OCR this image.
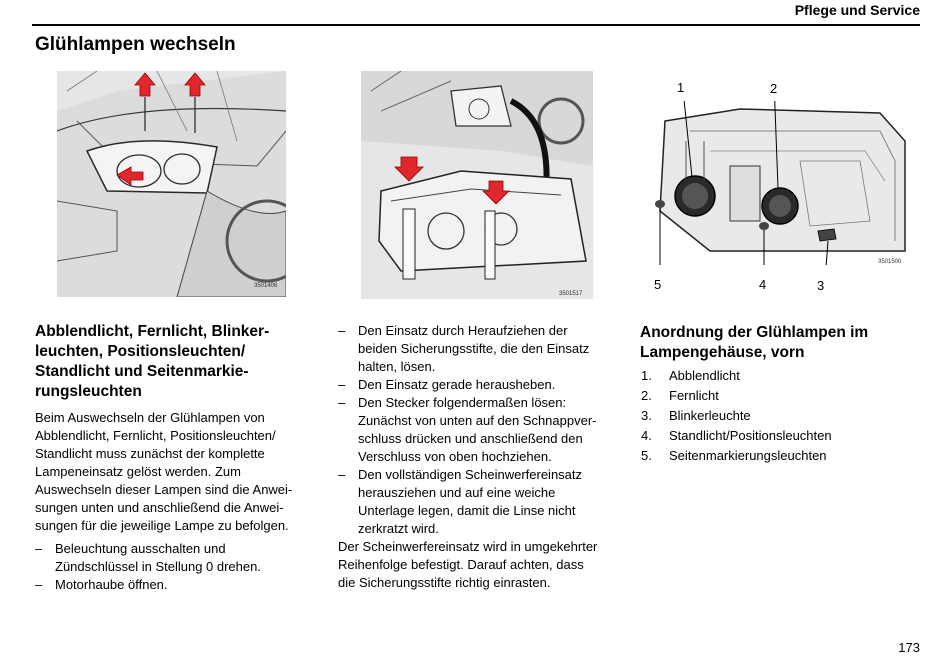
Pflege und Service
Glühlampen wechseln
3501406
3501517
1	2
3501500
5	4	3
Abblendlicht, Fernlicht, Blinker-
leuchten, Positionsleuchten/
Standlicht und Seitenmarkie-
rungsleuchten

Beim Auswechseln der Glühlampen von
Abblendlicht, Fernlicht, Positionsleuchten/
Standlicht muss zunächst der komplette
Lampeneinsatz gelöst werden. Zum
Auswechseln dieser Lampen sind die Anwei-
sungen unten und anschließend die Anwei-
sungen für die jeweilige Lampe zu befolgen.

– Beleuchtung ausschalten und
Zündschlüssel in Stellung 0 drehen.
– Motorhaube öffnen.
– Den Einsatz durch Heraufziehen der
beiden Sicherungsstifte, die den Einsatz
halten, lösen.
– Den Einsatz gerade herausheben.
– Den Stecker folgendermaßen lösen:
Zunächst von unten auf den Schnappver-
schluss drücken und anschließend den
Verschluss von oben hochziehen.
– Den vollständigen Scheinwerfereinsatz
herausziehen und auf eine weiche
Unterlage legen, damit die Linse nicht
zerkratzt wird.

Der Scheinwerfereinsatz wird in umgekehrter
Reihenfolge befestigt. Darauf achten, dass
die Sicherungsstifte richtig einrasten.

Anordnung der Glühlampen im
Lampengehäuse, vorn
1.	Abblendlicht
2.	Fernlicht
3.	Blinkerleuchte
4.	Standlicht/Positionsleuchten
5.	Seitenmarkierungsleuchten
173
